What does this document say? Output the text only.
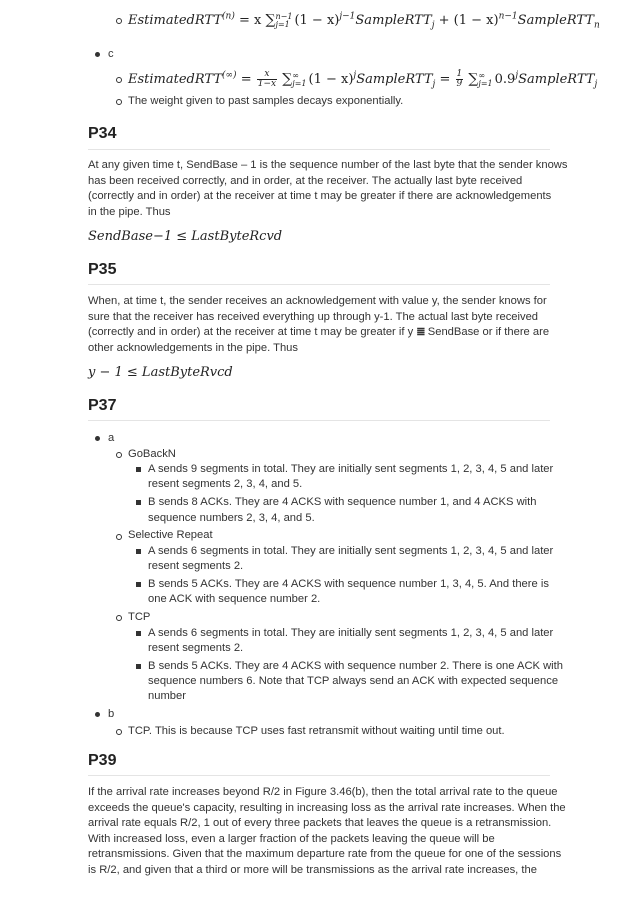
EstimatedRTT$^{(n)}$ = x ∑ n−1
j=1 $(1 - x)^{j-1}SampleRTT_j + (1$ − $x)^{n-1}SampleRTT_n$
c
EstimatedRTT(∞) = $\frac{x}{1-x}$ ∑ ∞
j=1 $(1 - x)^jSampleRTT_j = \frac{1}{9}$ ∑ ∞
j=1 $0.9^jSampleRTT_j$
The weight given to past samples decays exponentially.
P34
At any given time t, SendBase – 1 is the sequence number of the last byte that the sender knows
has been received correctly, and in order, at the receiver. The actually last byte received
(correctly and in order) at the receiver at time t may be greater if there are acknowledgements
in the pipe. Thus
SendBase−1 ≤ LastByteRcvd
P35
When, at time t, the sender receives an acknowledgement with value y, the sender knows for
sure that the receiver has received everything up through y-1. The actual last byte received
(correctly and in order) at the receiver at time t may be greater if y ≣ SendBase or if there are
other acknowledgements in the pipe. Thus
y − 1 ≤ LastByteRvcd
P37
a
GoBackN
A sends 9 segments in total. They are initially sent segments 1, 2, 3, 4, 5 and later
resent segments 2, 3, 4, and 5.
B sends 8 ACKs. They are 4 ACKS with sequence number 1, and 4 ACKS with
sequence numbers 2, 3, 4, and 5.
Selective Repeat
A sends 6 segments in total. They are initially sent segments 1, 2, 3, 4, 5 and later
resent segments 2.
B sends 5 ACKs. They are 4 ACKS with sequence number 1, 3, 4, 5. And there is
one ACK with sequence number 2.
TCP
A sends 6 segments in total. They are initially sent segments 1, 2, 3, 4, 5 and later
resent segments 2.
B sends 5 ACKs. They are 4 ACKS with sequence number 2. There is one ACK with
sequence numbers 6. Note that TCP always send an ACK with expected sequence
number
b
TCP. This is because TCP uses fast retransmit without waiting until time out.
P39
If the arrival rate increases beyond R/2 in Figure 3.46(b), then the total arrival rate to the queue
exceeds the queue's capacity, resulting in increasing loss as the arrival rate increases. When the
arrival rate equals R/2, 1 out of every three packets that leaves the queue is a retransmission.
With increased loss, even a larger fraction of the packets leaving the queue will be
retransmissions. Given that the maximum departure rate from the queue for one of the sessions
is R/2, and given that a third or more will be transmissions as the arrival rate increases, the
